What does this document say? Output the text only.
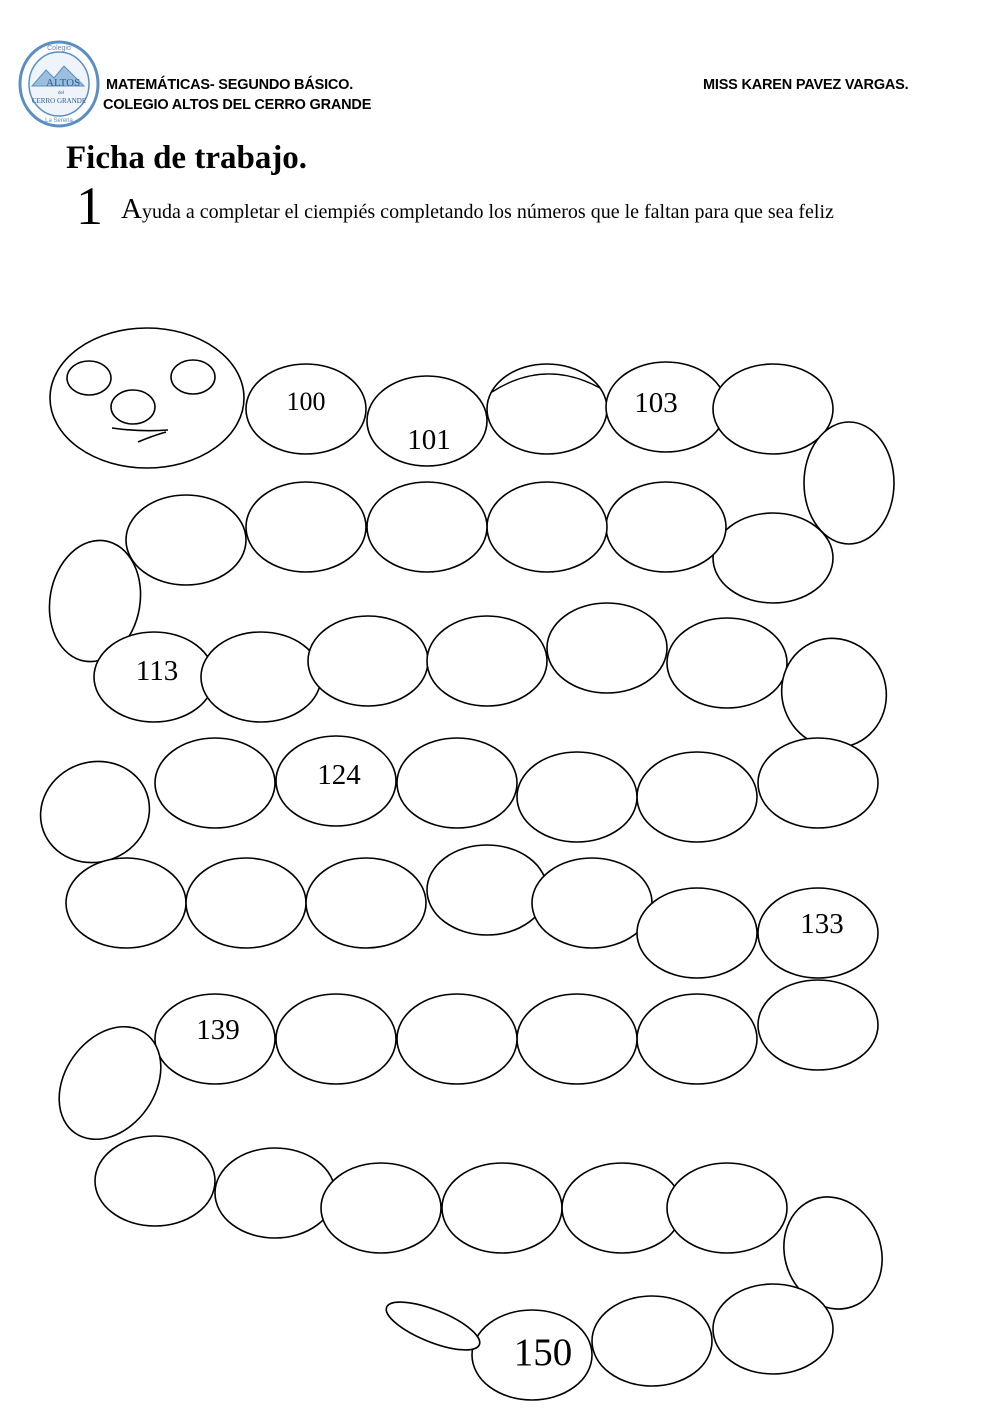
Colegio
ALTOS
del
CERRO GRANDE
La Serena
MATEMÁTICAS- SEGUNDO BÁSICO.
COLEGIO ALTOS DEL CERRO GRANDE
MISS KAREN PAVEZ VARGAS.
Ficha de trabajo.

1 Ayuda a completar el ciempiés completando los números que le faltan para que sea feliz

100
101
103
113
124
133
139
150
